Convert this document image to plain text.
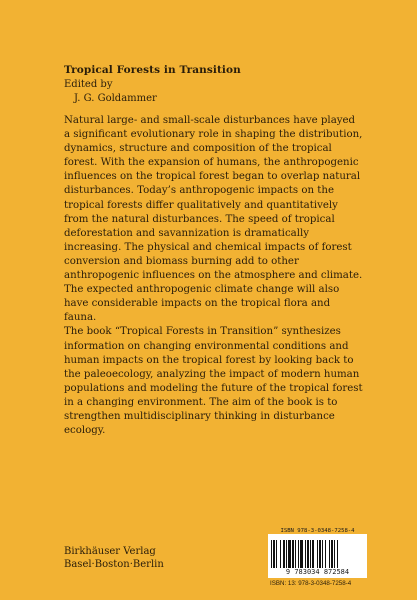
Tropical Forests in Transition
Edited by
J. G. Goldammer

Natural large- and small-scale disturbances have played a significant evolutionary role in shaping the distribution, dynamics, structure and composition of the tropical forest. With the expansion of humans, the anthropogenic influences on the tropical forest began to overlap natural disturbances. Today’s anthropogenic impacts on the tropical forests differ qualitatively and quantitatively from the natural disturbances. The speed of tropical deforestation and savannization is dramatically increasing. The physical and chemical impacts of forest conversion and biomass burning add to other anthropogenic influences on the atmosphere and climate. The expected anthropogenic climate change will also have considerable impacts on the tropical flora and fauna.

The book “Tropical Forests in Transition” synthesizes information on changing environmental conditions and human impacts on the tropical forest by looking back to the paleoecology, analyzing the impact of modern human populations and modeling the future of the tropical forest in a changing environment. The aim of the book is to strengthen multidisciplinary thinking in disturbance ecology.

ISBN 978-3-0348-7258-4
9 783034 872584
Birkhäuser Verlag
Basel·Boston·Berlin
ISBN: 13: 978-3-0348-7258-4
